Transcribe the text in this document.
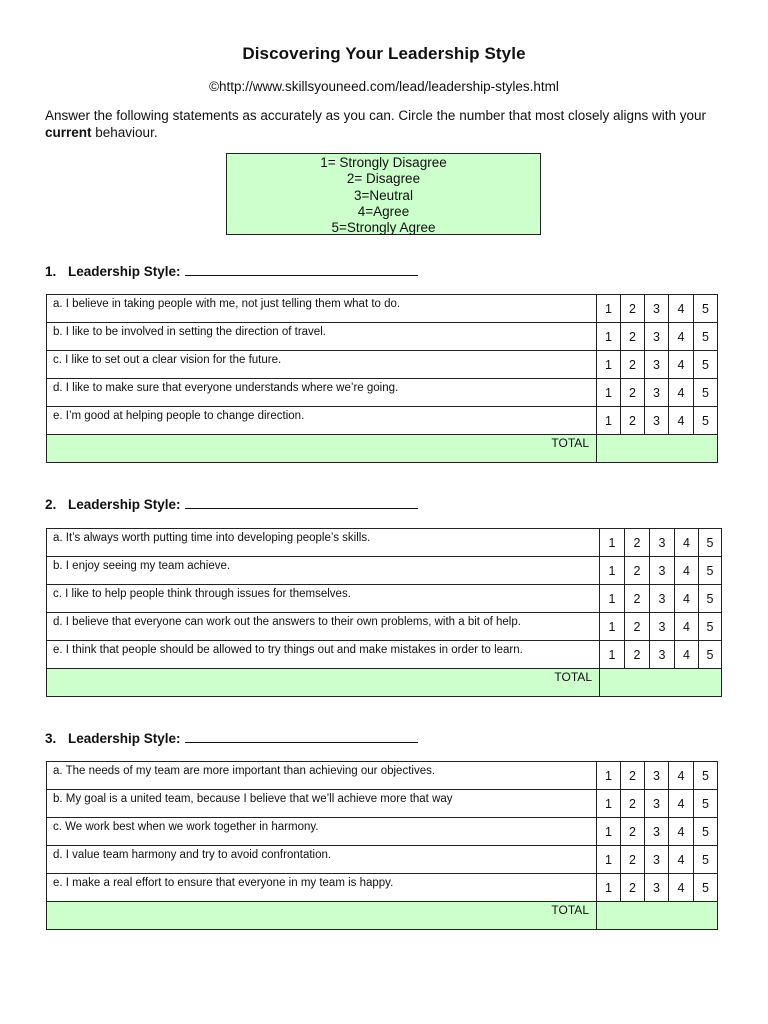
Discovering Your Leadership Style
©http://www.skillsyouneed.com/lead/leadership-styles.html
Answer the following statements as accurately as you can. Circle the number that most closely aligns with your current behaviour.
1= Strongly Disagree
2= Disagree
3=Neutral
4=Agree
5=Strongly Agree
1. Leadership Style:
a. I believe in taking people with me, not just telling them what to do.	1	2	3	4	5
b. I like to be involved in setting the direction of travel.	1	2	3	4	5
c. I like to set out a clear vision for the future.	1	2	3	4	5
d. I like to make sure that everyone understands where we’re going.	1	2	3	4	5
e. I’m good at helping people to change direction.	1	2	3	4	5
TOTAL					
2. Leadership Style:
a. It’s always worth putting time into developing people’s skills.	1	2	3	4	5
b. I enjoy seeing my team achieve.	1	2	3	4	5
c. I like to help people think through issues for themselves.	1	2	3	4	5
d. I believe that everyone can work out the answers to their own problems, with a bit of help.	1	2	3	4	5
e. I think that people should be allowed to try things out and make mistakes in order to learn.	1	2	3	4	5
TOTAL					
3. Leadership Style:
a. The needs of my team are more important than achieving our objectives.	1	2	3	4	5
b. My goal is a united team, because I believe that we’ll achieve more that way	1	2	3	4	5
c. We work best when we work together in harmony.	1	2	3	4	5
d. I value team harmony and try to avoid confrontation.	1	2	3	4	5
e. I make a real effort to ensure that everyone in my team is happy.	1	2	3	4	5
TOTAL					
